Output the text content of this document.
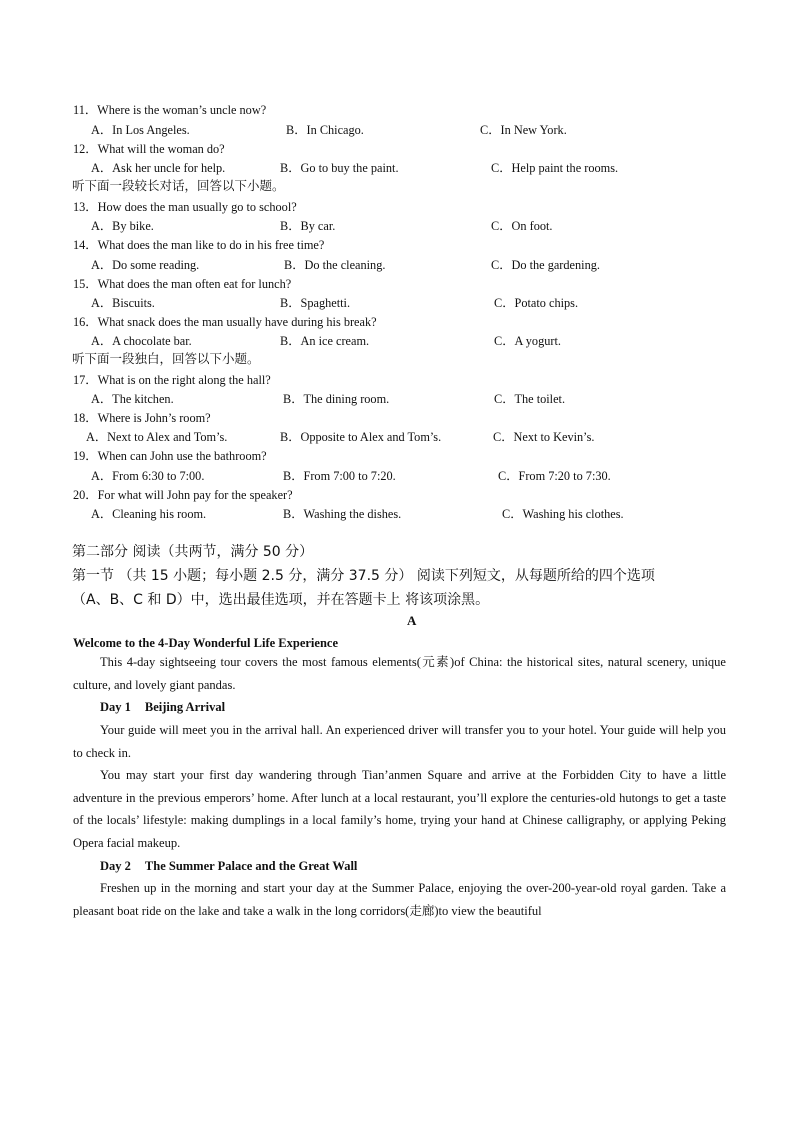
11．Where is the woman’s uncle now?
A．In Los Angeles.	B．In Chicago.	C．In New York.
12．What will the woman do?
A．Ask her uncle for help.	B．Go to buy the paint.	C．Help paint the rooms.
听下面一段较长对话，回答以下小题。
13．How does the man usually go to school?
A．By bike.	B．By car.	C．On foot.
14．What does the man like to do in his free time?
A．Do some reading.	B．Do the cleaning.	C．Do the gardening.
15．What does the man often eat for lunch?
A．Biscuits.	B．Spaghetti.	C．Potato chips.
16．What snack does the man usually have during his break?
A．A chocolate bar.	B．An ice cream.	C．A yogurt.
听下面一段独白，回答以下小题。
17．What is on the right along the hall?
A．The kitchen.	B．The dining room.	C．The toilet.
18．Where is John’s room?
A．Next to Alex and Tom’s.	B．Opposite to Alex and Tom’s.	C．Next to Kevin’s.
19．When can John use the bathroom?
A．From 6:30 to 7:00.	B．From 7:00 to 7:20.	C．From 7:20 to 7:30.
20．For what will John pay for the speaker?
A．Cleaning his room.	B．Washing the dishes.	C．Washing his clothes.
第二部分 阅读（共两节，满分 50 分）
第一节 （共 15 小题；每小题 2.5 分，满分 37.5 分） 阅读下列短文，从每题所给的四个选项
（A、B、C 和 D）中，选出最佳选项，并在答题卡上 将该项涂黑。
A
Welcome to the 4-Day Wonderful Life Experience
This 4-day sightseeing tour covers the most famous elements(元素)of China: the historical sites, natural scenery, unique culture, and lovely giant pandas.
Day 1 Beijing Arrival
Your guide will meet you in the arrival hall. An experienced driver will transfer you to your hotel. Your guide will help you to check in.
You may start your first day wandering through Tian’anmen Square and arrive at the Forbidden City to have a little adventure in the previous emperors’ home. After lunch at a local restaurant, you’ll explore the centuries-old hutongs to get a taste of the locals’ lifestyle: making dumplings in a local family’s home, trying your hand at Chinese calligraphy, or applying Peking Opera facial makeup.
Day 2 The Summer Palace and the Great Wall
Freshen up in the morning and start your day at the Summer Palace, enjoying the over-200-year-old royal garden. Take a pleasant boat ride on the lake and take a walk in the long corridors(走廊)to view the beautiful
